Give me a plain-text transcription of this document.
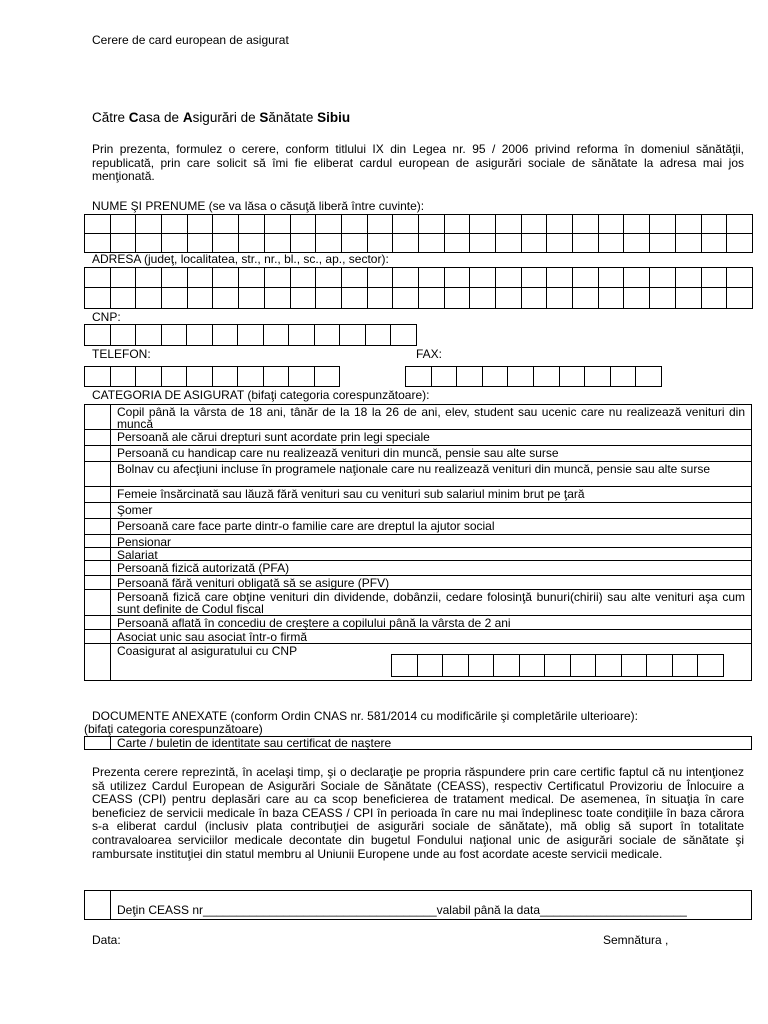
Cerere de card european de asigurat
Către Casa de Asigurări de Sănătate Sibiu
Prin prezenta, formulez o cerere, conform titlului IX din Legea nr. 95 / 2006 privind reforma în domeniul sănătăţii, republicată, prin care solicit să îmi fie eliberat cardul european de asigurări sociale de sănătate la adresa mai jos menţionată.
NUME ŞI PRENUME (se va lăsa o căsuţă liberă între cuvinte):
ADRESA (judeţ, localitatea, str., nr., bl., sc., ap., sector):
CNP:
TELEFON:	FAX:
CATEGORIA DE ASIGURAT (bifaţi categoria corespunzătoare):
Copil până la vârsta de 18 ani, tânăr de la 18 la 26 de ani, elev, student sau ucenic care nu realizează venituri din muncă
Persoană ale cărui drepturi sunt acordate prin legi speciale
Persoană cu handicap care nu realizează venituri din muncă, pensie sau alte surse
Bolnav cu afecţiuni incluse în programele naţionale care nu realizează venituri din muncă, pensie sau alte surse
Femeie însărcinată sau lăuză fără venituri sau cu venituri sub salariul minim brut pe ţară
Şomer
Persoană care face parte dintr-o familie care are dreptul la ajutor social
Pensionar
Salariat
Persoană fizică autorizată (PFA)
Persoană fără venituri obligată să se asigure (PFV)
Persoană fizică care obţine venituri din dividende, dobânzii, cedare folosinţă bunuri(chirii) sau alte venituri aşa cum sunt definite de Codul fiscal
Persoană aflată în concediu de creştere a copilului până la vârsta de 2 ani
Asociat unic sau asociat într-o firmă
Coasigurat al asiguratului cu CNP
DOCUMENTE ANEXATE (conform Ordin CNAS nr. 581/2014 cu modificările şi completările ulterioare):
(bifaţi categoria corespunzătoare)
Carte / buletin de identitate sau certificat de naştere
Prezenta cerere reprezintă, în acelaşi timp, şi o declaraţie pe propria răspundere prin care certific faptul că nu intenţionez să utilizez Cardul European de Asigurări Sociale de Sănătate (CEASS), respectiv Certificatul Provizoriu de Înlocuire a CEASS (CPI) pentru deplasări care au ca scop beneficierea de tratament medical. De asemenea, în situaţia în care beneficiez de servicii medicale în baza CEASS / CPI în perioada în care nu mai îndeplinesc toate condiţiile în baza cărora s-a eliberat cardul (inclusiv plata contribuţiei de asigurări sociale de sănătate), mă oblig să suport în totalitate contravaloarea serviciilor medicale decontate din bugetul Fondului naţional unic de asigurări sociale de sănătate şi rambursate instituţiei din statul membru al Uniunii Europene unde au fost acordate aceste servicii medicale.
Deţin CEASS nr___________________________________valabil până la data______________________
Data:	Semnătura ,
